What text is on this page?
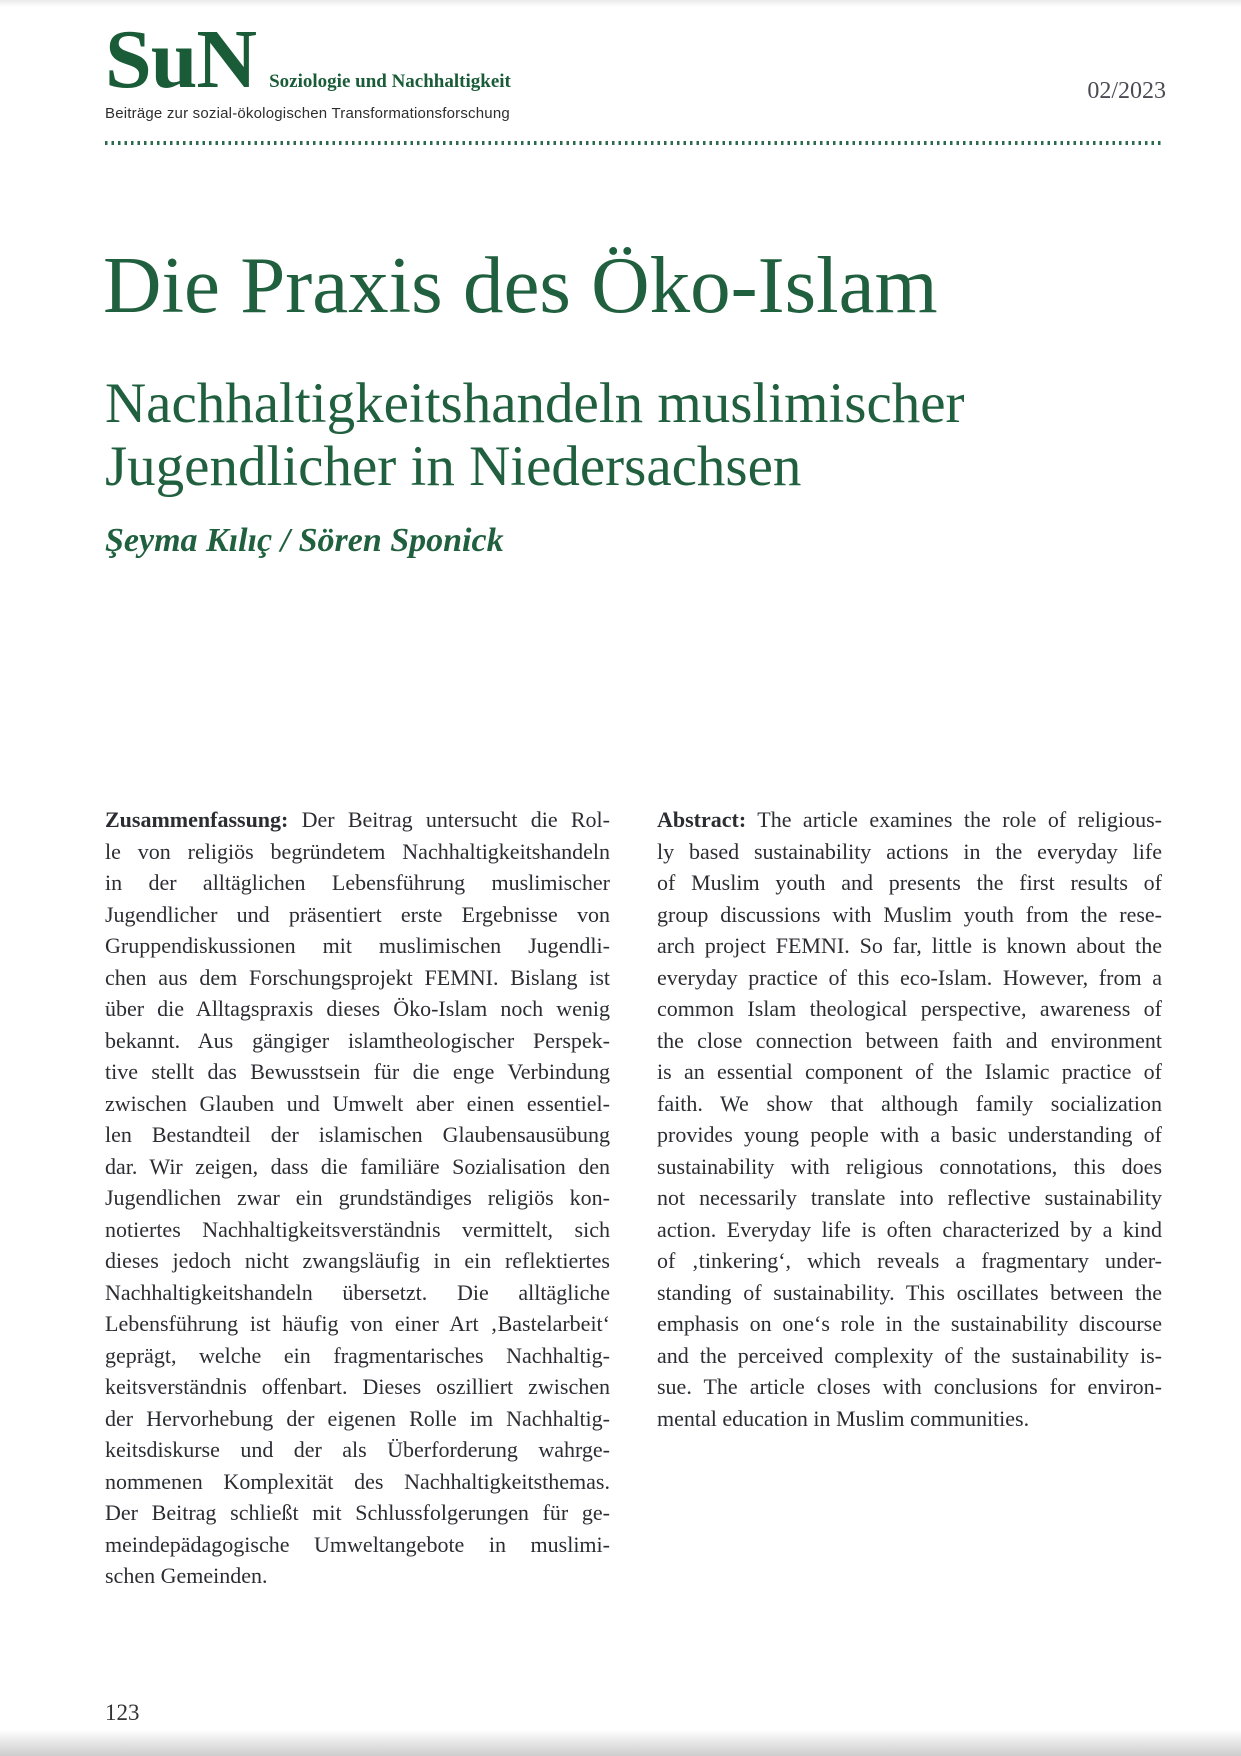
SuN Soziologie und Nachhaltigkeit
Beiträge zur sozial-ökologischen Transformationsforschung
02/2023
Die Praxis des Öko-Islam
Nachhaltigkeitshandeln muslimischer
Jugendlicher in Niedersachsen
Şeyma Kılıç / Sören Sponick
Zusammenfassung: Der Beitrag untersucht die Rol-
le von religiös begründetem Nachhaltigkeitshandeln
in der alltäglichen Lebensführung muslimischer
Jugendlicher und präsentiert erste Ergebnisse von
Gruppendiskussionen mit muslimischen Jugendli-
chen aus dem Forschungsprojekt FEMNI. Bislang ist
über die Alltagspraxis dieses Öko-Islam noch wenig
bekannt. Aus gängiger islamtheologischer Perspek-
tive stellt das Bewusstsein für die enge Verbindung
zwischen Glauben und Umwelt aber einen essentiel-
len Bestandteil der islamischen Glaubensausübung
dar. Wir zeigen, dass die familiäre Sozialisation den
Jugendlichen zwar ein grundständiges religiös kon-
notiertes Nachhaltigkeitsverständnis vermittelt, sich
dieses jedoch nicht zwangsläufig in ein reflektiertes
Nachhaltigkeitshandeln übersetzt. Die alltägliche
Lebensführung ist häufig von einer Art ‚Bastelarbeit‘
geprägt, welche ein fragmentarisches Nachhaltig-
keitsverständnis offenbart. Dieses oszilliert zwischen
der Hervorhebung der eigenen Rolle im Nachhaltig-
keitsdiskurse und der als Überforderung wahrge-
nommenen Komplexität des Nachhaltigkeitsthemas.
Der Beitrag schließt mit Schlussfolgerungen für ge-
meindepädagogische Umweltangebote in muslimi-
schen Gemeinden.
Abstract: The article examines the role of religious-
ly based sustainability actions in the everyday life
of Muslim youth and presents the first results of
group discussions with Muslim youth from the rese-
arch project FEMNI. So far, little is known about the
everyday practice of this eco-Islam. However, from a
common Islam theological perspective, awareness of
the close connection between faith and environment
is an essential component of the Islamic practice of
faith. We show that although family socialization
provides young people with a basic understanding of
sustainability with religious connotations, this does
not necessarily translate into reflective sustainability
action. Everyday life is often characterized by a kind
of ‚tinkering‘, which reveals a fragmentary under-
standing of sustainability. This oscillates between the
emphasis on one‘s role in the sustainability discourse
and the perceived complexity of the sustainability is-
sue. The article closes with conclusions for environ-
mental education in Muslim communities.
123
